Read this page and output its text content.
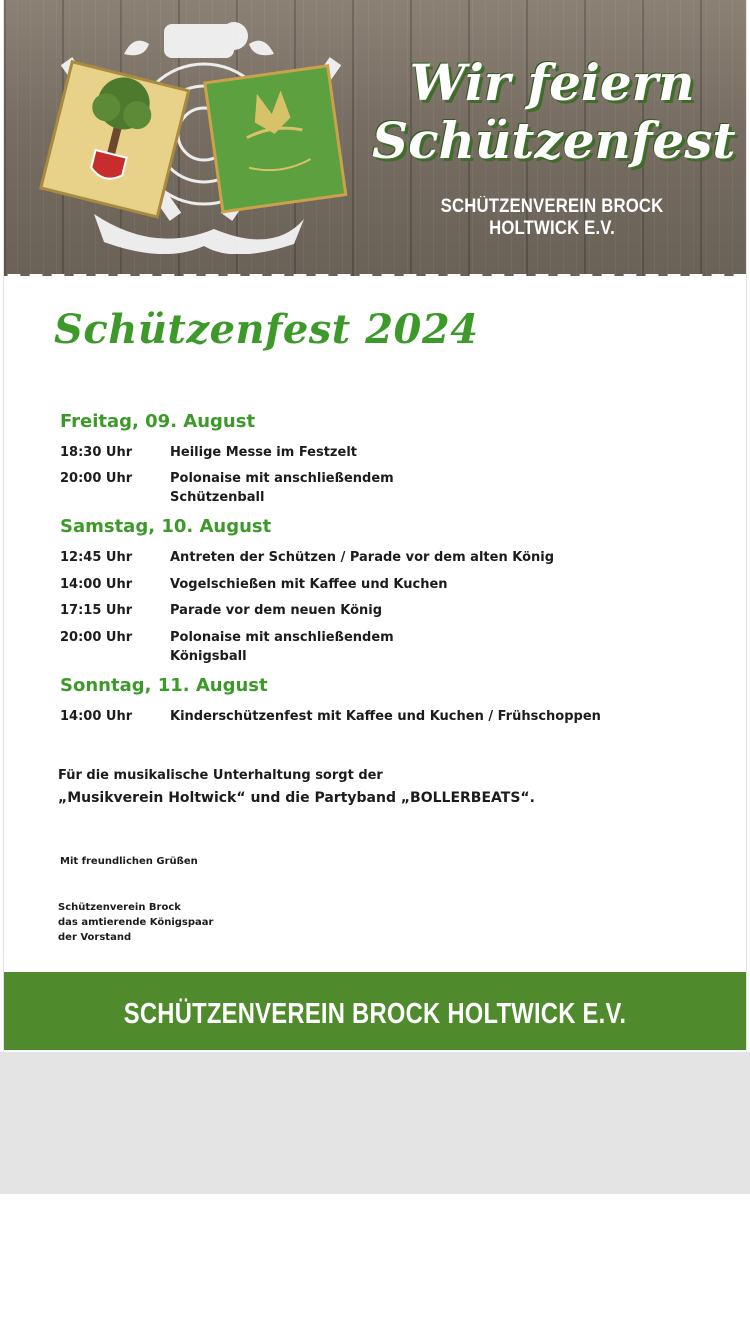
Wir feiern
Schützenfest
SCHÜTZENVEREIN BROCK HOLTWICK E.V.
Schützenfest 2024
Freitag, 09. August
18:30 Uhr	Heilige Messe im Festzelt
20:00 Uhr	Polonaise mit anschließendem
Schützenball
Samstag, 10. August
12:45 Uhr	Antreten der Schützen / Parade vor dem alten König
14:00 Uhr	Vogelschießen mit Kaffee und Kuchen
17:15 Uhr	Parade vor dem neuen König
20:00 Uhr	Polonaise mit anschließendem
Königsball
Sonntag, 11. August
14:00 Uhr	Kinderschützenfest mit Kaffee und Kuchen / Frühschoppen
Für die musikalische Unterhaltung sorgt der
„Musikverein Holtwick“ und die Partyband „BOLLERBEATS“.
Mit freundlichen Grüßen
Schützenverein Brock
das amtierende Königspaar
der Vorstand
SCHÜTZENVEREIN BROCK HOLTWICK E.V.
